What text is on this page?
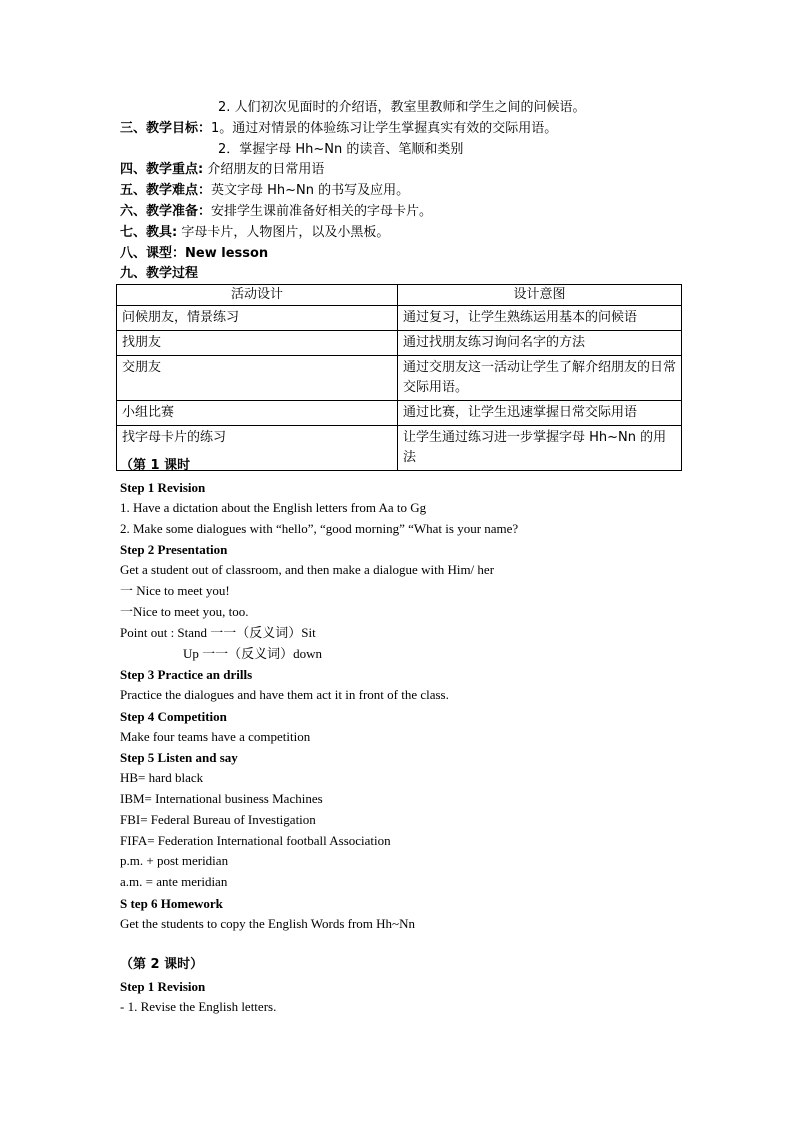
2. 人们初次见面时的介绍语，教室里教师和学生之间的问候语。
三、教学目标：1。通过对情景的体验练习让学生掌握真实有效的交际用语。
2．掌握字母 Hh~Nn 的读音、笔顺和类别
四、教学重点: 介绍朋友的日常用语
五、教学难点：英文字母 Hh~Nn 的书写及应用。
六、教学准备：安排学生课前准备好相关的字母卡片。
七、教具: 字母卡片，人物图片，以及小黑板。
八、课型：New lesson
九、教学过程
活动设计	设计意图
问候朋友，情景练习	通过复习，让学生熟练运用基本的问候语
找朋友	通过找朋友练习询问名字的方法
交朋友	通过交朋友这一活动让学生了解介绍朋友的日常交际用语。
小组比赛	通过比赛，让学生迅速掌握日常交际用语
找字母卡片的练习	让学生通过练习进一步掌握字母 Hh~Nn 的用法
（第 1 课时
Step 1 Revision
1. Have a dictation about the English letters from Aa to Gg
2. Make some dialogues with “hello”, “good morning” “What is your name?
Step 2 Presentation
Get a student out of classroom, and then make a dialogue with Him/ her
一 Nice to meet you!
一Nice to meet you, too.
Point out : Stand 一一（反义词）Sit
Up 一一（反义词）down
Step 3 Practice an drills
Practice the dialogues and have them act it in front of the class.
Step 4 Competition
Make four teams have a competition
Step 5 Listen and say
HB= hard black
IBM= International business Machines
FBI= Federal Bureau of Investigation
FIFA= Federation International football Association
p.m. + post meridian
a.m. = ante meridian
S tep 6 Homework
Get the students to copy the English Words from Hh~Nn
（第 2 课时）
Step 1 Revision
- 1. Revise the English letters.
